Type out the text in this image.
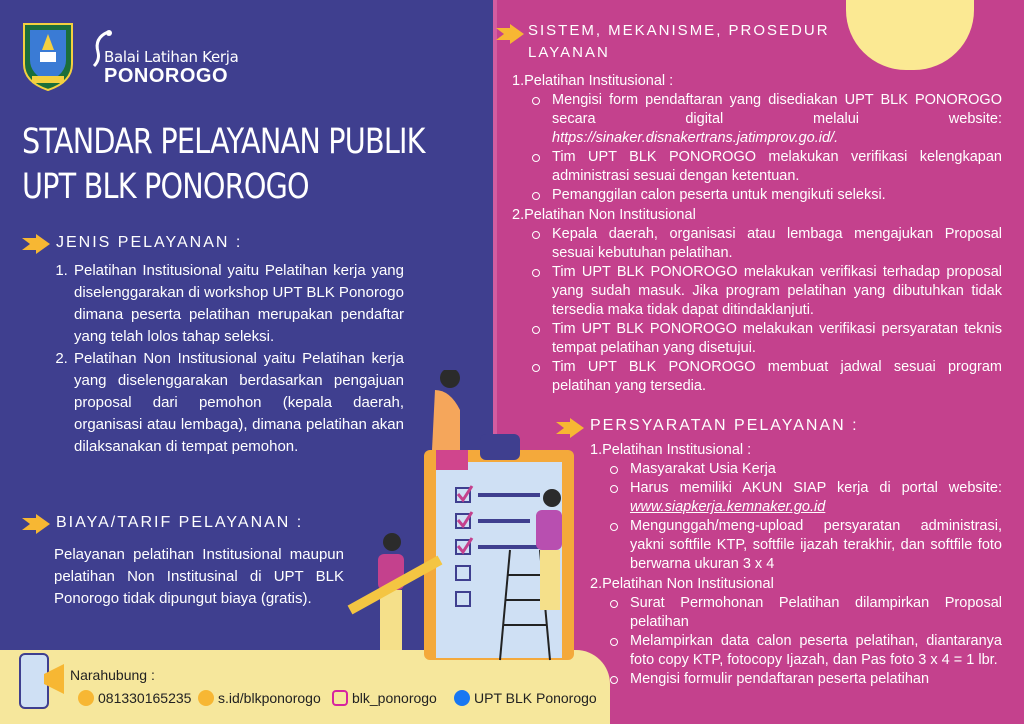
Balai Latihan Kerja
PONOROGO
STANDAR PELAYANAN PUBLIK
UPT BLK PONOROGO
JENIS PELAYANAN :
1. Pelatihan Institusional yaitu Pelatihan kerja yang diselenggarakan di workshop UPT BLK Ponorogo dimana peserta pelatihan merupakan pendaftar yang telah lolos tahap seleksi.
2. Pelatihan Non Institusional yaitu Pelatihan kerja yang diselenggarakan berdasarkan pengajuan proposal dari pemohon (kepala daerah, organisasi atau lembaga), dimana pelatihan akan dilaksanakan di tempat pemohon.
BIAYA/TARIF PELAYANAN :
Pelayanan pelatihan Institusional maupun pelatihan Non Institusinal di UPT BLK Ponorogo tidak dipungut biaya (gratis).
SISTEM, MEKANISME, PROSEDUR
LAYANAN
1.Pelatihan Institusional :
Mengisi form pendaftaran yang disediakan UPT BLK PONOROGO secara digital melalui website: https://sinaker.disnakertrans.jatimprov.go.id/.
Tim UPT BLK PONOROGO melakukan verifikasi kelengkapan administrasi sesuai dengan ketentuan.
Pemanggilan calon peserta untuk mengikuti seleksi.
2.Pelatihan Non Institusional
Kepala daerah, organisasi atau lembaga mengajukan Proposal sesuai kebutuhan pelatihan.
Tim UPT BLK PONOROGO melakukan verifikasi terhadap proposal yang sudah masuk. Jika program pelatihan yang dibutuhkan tidak tersedia maka tidak dapat ditindaklanjuti.
Tim UPT BLK PONOROGO melakukan verifikasi persyaratan teknis tempat pelatihan yang disetujui.
Tim UPT BLK PONOROGO membuat jadwal sesuai program pelatihan yang tersedia.
PERSYARATAN PELAYANAN :
1.Pelatihan Institusional :
Masyarakat Usia Kerja
Harus memiliki AKUN SIAP kerja di portal website: www.siapkerja.kemnaker.go.id
Mengunggah/meng-upload persyaratan administrasi, yakni softfile KTP, softfile ijazah terakhir, dan softfile foto berwarna ukuran 3 x 4
2.Pelatihan Non Institusional
Surat Permohonan Pelatihan dilampirkan Proposal pelatihan
Melampirkan data calon peserta pelatihan, diantaranya foto copy KTP, fotocopy Ijazah, dan Pas foto 3 x 4 = 1 lbr.
Mengisi formulir pendaftaran peserta pelatihan
Narahubung :
081330165235 s.id/blkponorogo blk_ponorogo	UPT BLK Ponorogo
